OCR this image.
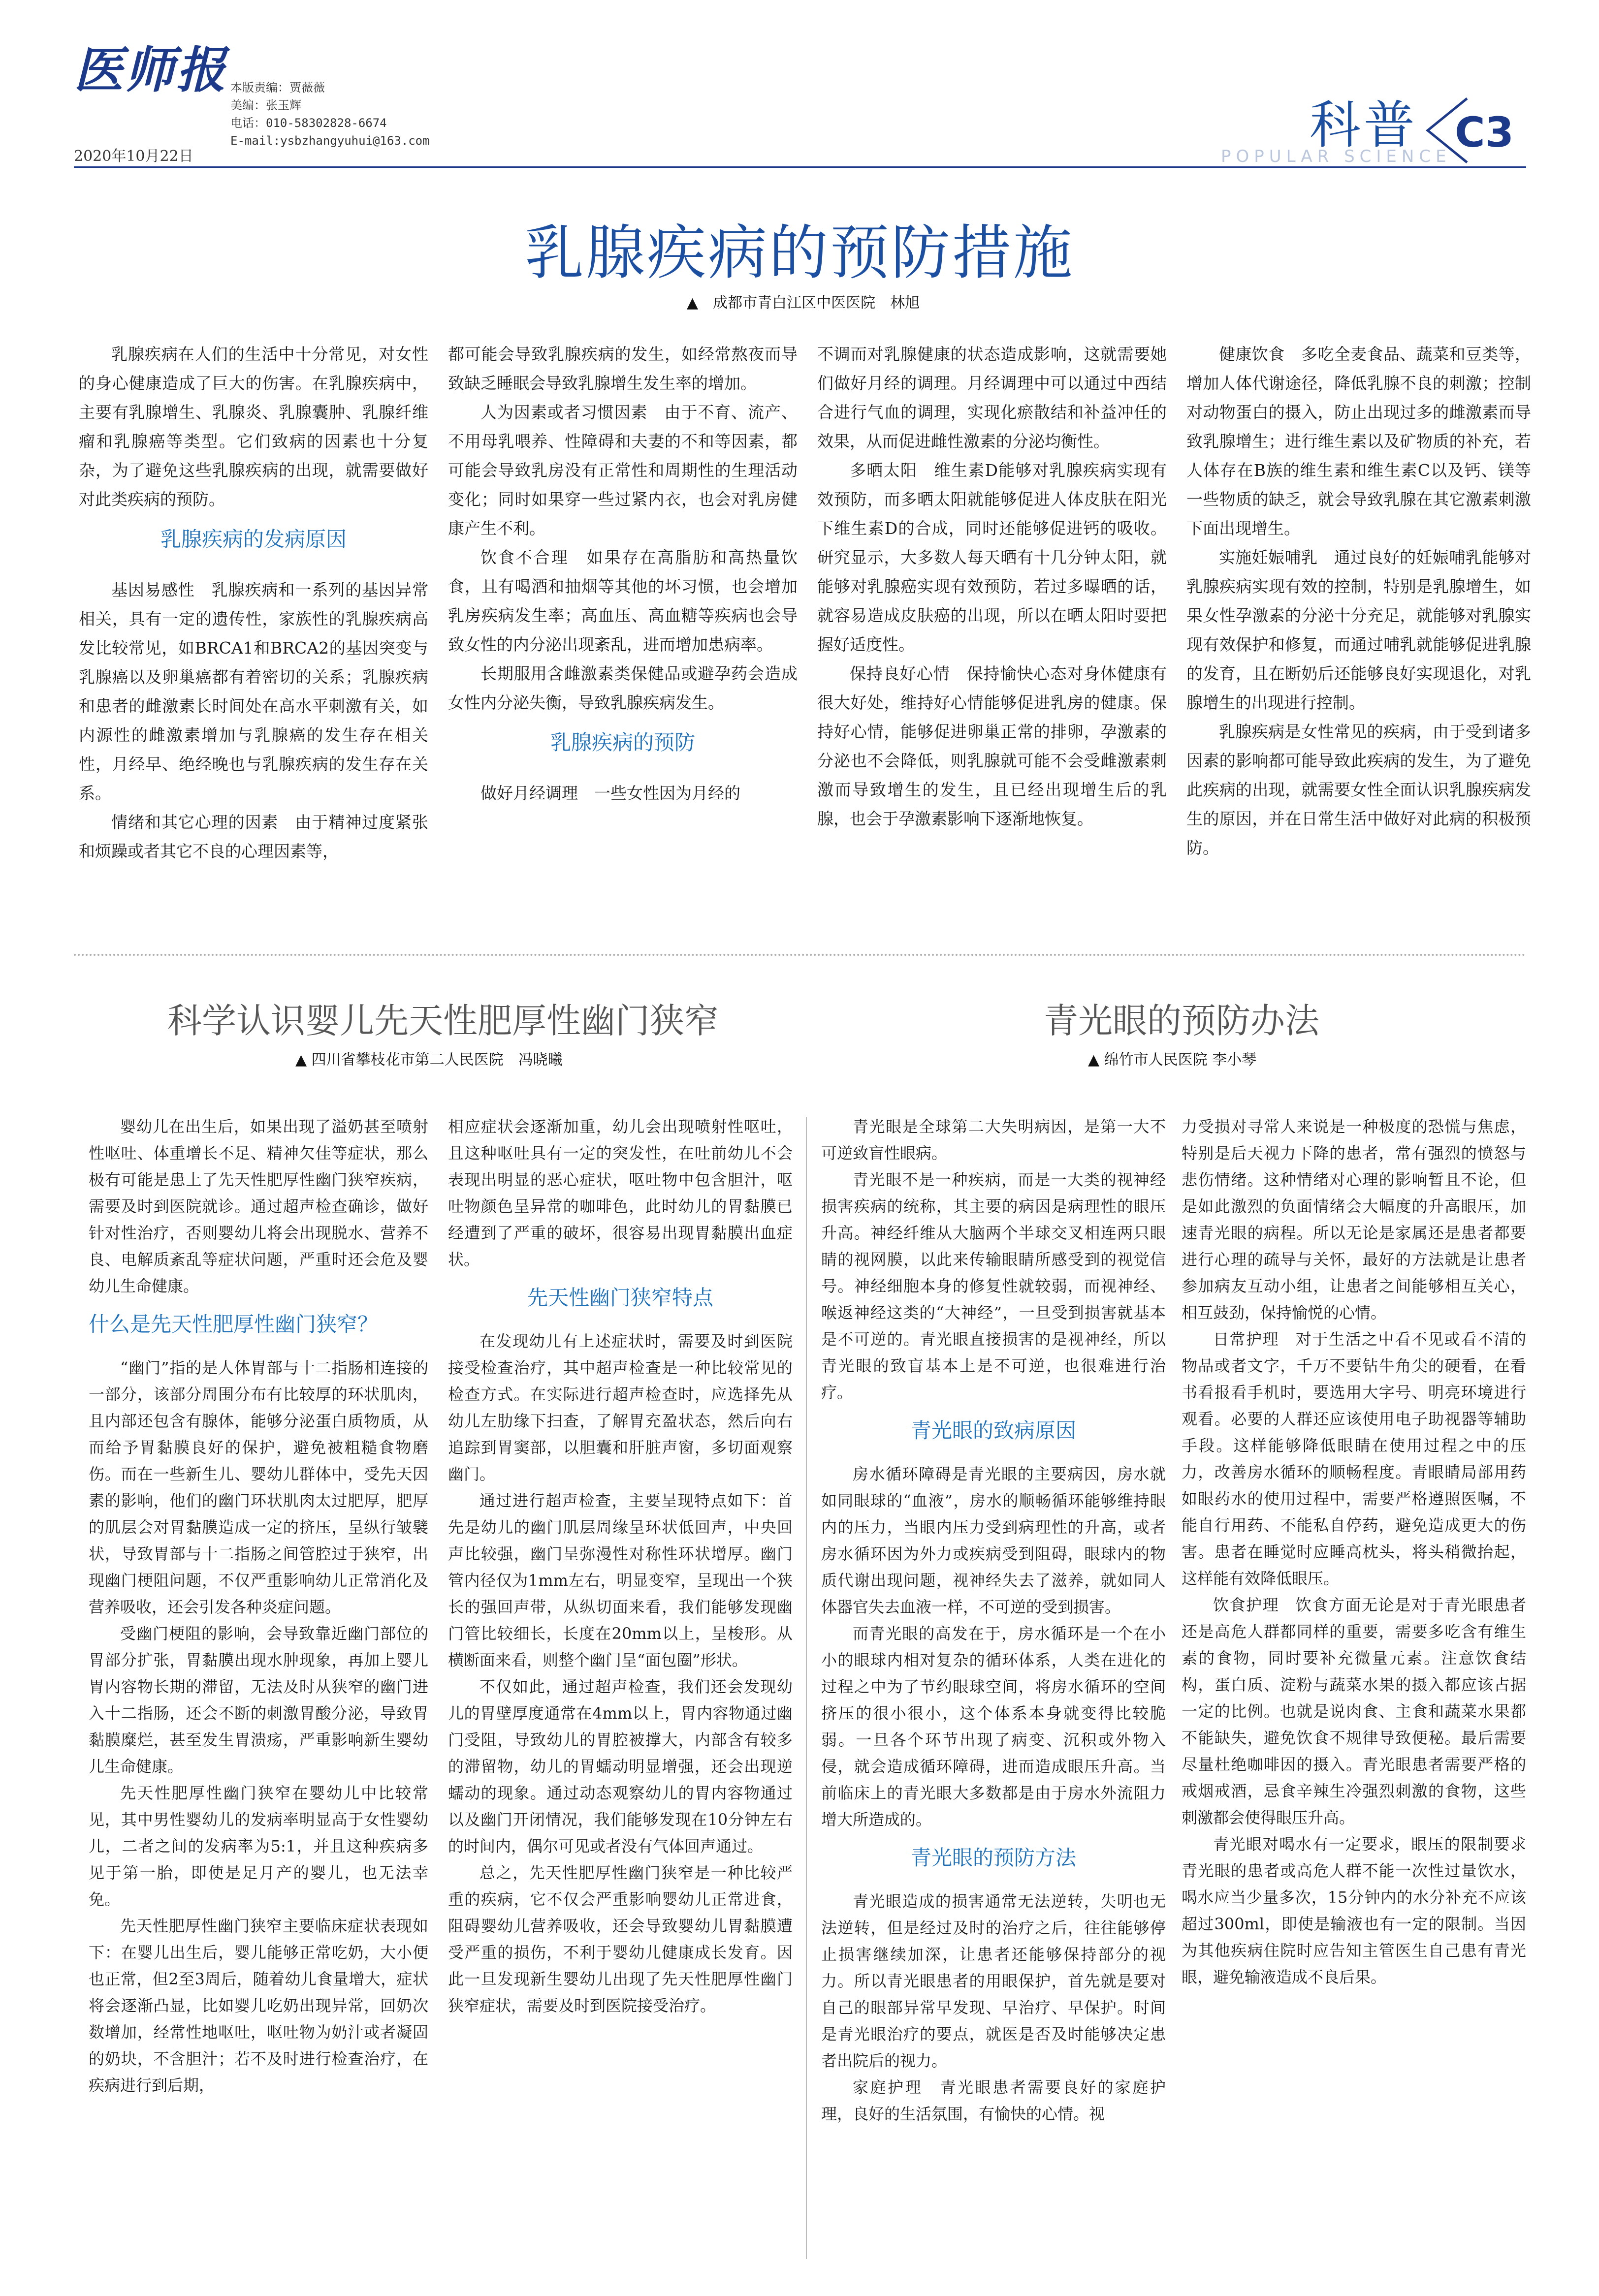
医师报
2020年10月22日
本版责编：贾薇薇
美编：张玉辉
电话：010-58302828-6674
E-mail:ysbzhangyuhui@163.com	科普
POPULAR SCIENCE C3
乳腺疾病的预防措施
▲　成都市青白江区中医医院　林旭

乳腺疾病在人们的生活中十分常见，对女性的身心健康造成了巨大的伤害。在乳腺疾病中，主要有乳腺增生、乳腺炎、乳腺囊肿、乳腺纤维瘤和乳腺癌等类型。它们致病的因素也十分复杂，为了避免这些乳腺疾病的出现，就需要做好对此类疾病的预防。

乳腺疾病的发病原因

基因易感性　乳腺疾病和一系列的基因异常相关，具有一定的遗传性，家族性的乳腺疾病高发比较常见，如BRCA1和BRCA2的基因突变与乳腺癌以及卵巢癌都有着密切的关系；乳腺疾病和患者的雌激素长时间处在高水平刺激有关，如内源性的雌激素增加与乳腺癌的发生存在相关性，月经早、绝经晚也与乳腺疾病的发生存在关系。

情绪和其它心理的因素　由于精神过度紧张和烦躁或者其它不良的心理因素等，

都可能会导致乳腺疾病的发生，如经常熬夜而导致缺乏睡眠会导致乳腺增生发生率的增加。

人为因素或者习惯因素　由于不育、流产、不用母乳喂养、性障碍和夫妻的不和等因素，都可能会导致乳房没有正常性和周期性的生理活动变化；同时如果穿一些过紧内衣，也会对乳房健康产生不利。

饮食不合理　如果存在高脂肪和高热量饮食，且有喝酒和抽烟等其他的坏习惯，也会增加乳房疾病发生率；高血压、高血糖等疾病也会导致女性的内分泌出现紊乱，进而增加患病率。

长期服用含雌激素类保健品或避孕药会造成女性内分泌失衡，导致乳腺疾病发生。

乳腺疾病的预防

做好月经调理　一些女性因为月经的

不调而对乳腺健康的状态造成影响，这就需要她们做好月经的调理。月经调理中可以通过中西结合进行气血的调理，实现化瘀散结和补益冲任的效果，从而促进雌性激素的分泌均衡性。

多晒太阳　维生素D能够对乳腺疾病实现有效预防，而多晒太阳就能够促进人体皮肤在阳光下维生素D的合成，同时还能够促进钙的吸收。研究显示，大多数人每天晒有十几分钟太阳，就能够对乳腺癌实现有效预防，若过多曝晒的话，就容易造成皮肤癌的出现，所以在晒太阳时要把握好适度性。

保持良好心情　保持愉快心态对身体健康有很大好处，维持好心情能够促进乳房的健康。保持好心情，能够促进卵巢正常的排卵，孕激素的分泌也不会降低，则乳腺就可能不会受雌激素刺激而导致增生的发生，且已经出现增生后的乳腺，也会于孕激素影响下逐渐地恢复。

健康饮食　多吃全麦食品、蔬菜和豆类等，增加人体代谢途径，降低乳腺不良的刺激；控制对动物蛋白的摄入，防止出现过多的雌激素而导致乳腺增生；进行维生素以及矿物质的补充，若人体存在B族的维生素和维生素C以及钙、镁等一些物质的缺乏，就会导致乳腺在其它激素刺激下面出现增生。

实施妊娠哺乳　通过良好的妊娠哺乳能够对乳腺疾病实现有效的控制，特别是乳腺增生，如果女性孕激素的分泌十分充足，就能够对乳腺实现有效保护和修复，而通过哺乳就能够促进乳腺的发育，且在断奶后还能够良好实现退化，对乳腺增生的出现进行控制。

乳腺疾病是女性常见的疾病，由于受到诸多因素的影响都可能导致此疾病的发生，为了避免此疾病的出现，就需要女性全面认识乳腺疾病发生的原因，并在日常生活中做好对此病的积极预防。

科学认识婴儿先天性肥厚性幽门狭窄
▲ 四川省攀枝花市第二人民医院　冯晓曦

婴幼儿在出生后，如果出现了溢奶甚至喷射性呕吐、体重增长不足、精神欠佳等症状，那么极有可能是患上了先天性肥厚性幽门狭窄疾病，需要及时到医院就诊。通过超声检查确诊，做好针对性治疗，否则婴幼儿将会出现脱水、营养不良、电解质紊乱等症状问题，严重时还会危及婴幼儿生命健康。

什么是先天性肥厚性幽门狭窄？

“幽门”指的是人体胃部与十二指肠相连接的一部分，该部分周围分布有比较厚的环状肌肉，且内部还包含有腺体，能够分泌蛋白质物质，从而给予胃黏膜良好的保护，避免被粗糙食物磨伤。而在一些新生儿、婴幼儿群体中，受先天因素的影响，他们的幽门环状肌肉太过肥厚，肥厚的肌层会对胃黏膜造成一定的挤压，呈纵行皱襞状，导致胃部与十二指肠之间管腔过于狭窄，出现幽门梗阻问题，不仅严重影响幼儿正常消化及营养吸收，还会引发各种炎症问题。

受幽门梗阻的影响，会导致靠近幽门部位的胃部分扩张，胃黏膜出现水肿现象，再加上婴儿胃内容物长期的滞留，无法及时从狭窄的幽门进入十二指肠，还会不断的刺激胃酸分泌，导致胃黏膜糜烂，甚至发生胃溃疡，严重影响新生婴幼儿生命健康。

先天性肥厚性幽门狭窄在婴幼儿中比较常见，其中男性婴幼儿的发病率明显高于女性婴幼儿，二者之间的发病率为5:1，并且这种疾病多见于第一胎，即使是足月产的婴儿，也无法幸免。

先天性肥厚性幽门狭窄主要临床症状表现如下：在婴儿出生后，婴儿能够正常吃奶，大小便也正常，但2至3周后，随着幼儿食量增大，症状将会逐渐凸显，比如婴儿吃奶出现异常，回奶次数增加，经常性地呕吐，呕吐物为奶汁或者凝固的奶块，不含胆汁；若不及时进行检查治疗，在疾病进行到后期，

相应症状会逐渐加重，幼儿会出现喷射性呕吐，且这种呕吐具有一定的突发性，在吐前幼儿不会表现出明显的恶心症状，呕吐物中包含胆汁，呕吐物颜色呈异常的咖啡色，此时幼儿的胃黏膜已经遭到了严重的破坏，很容易出现胃黏膜出血症状。

先天性幽门狭窄特点

在发现幼儿有上述症状时，需要及时到医院接受检查治疗，其中超声检查是一种比较常见的检查方式。在实际进行超声检查时，应选择先从幼儿左肋缘下扫查，了解胃充盈状态，然后向右追踪到胃窦部，以胆囊和肝脏声窗，多切面观察幽门。

通过进行超声检查，主要呈现特点如下：首先是幼儿的幽门肌层周缘呈环状低回声，中央回声比较强，幽门呈弥漫性对称性环状增厚。幽门管内径仅为1mm左右，明显变窄，呈现出一个狭长的强回声带，从纵切面来看，我们能够发现幽门管比较细长，长度在20mm以上，呈梭形。从横断面来看，则整个幽门呈“面包圈”形状。

不仅如此，通过超声检查，我们还会发现幼儿的胃壁厚度通常在4mm以上，胃内容物通过幽门受阻，导致幼儿的胃腔被撑大，内部含有较多的滞留物，幼儿的胃蠕动明显增强，还会出现逆蠕动的现象。通过动态观察幼儿的胃内容物通过以及幽门开闭情况，我们能够发现在10分钟左右的时间内，偶尔可见或者没有气体回声通过。

总之，先天性肥厚性幽门狭窄是一种比较严重的疾病，它不仅会严重影响婴幼儿正常进食，阻碍婴幼儿营养吸收，还会导致婴幼儿胃黏膜遭受严重的损伤，不利于婴幼儿健康成长发育。因此一旦发现新生婴幼儿出现了先天性肥厚性幽门狭窄症状，需要及时到医院接受治疗。

青光眼的预防办法
▲ 绵竹市人民医院 李小琴

青光眼是全球第二大失明病因，是第一大不可逆致盲性眼病。

青光眼不是一种疾病，而是一大类的视神经损害疾病的统称，其主要的病因是病理性的眼压升高。神经纤维从大脑两个半球交叉相连两只眼睛的视网膜，以此来传输眼睛所感受到的视觉信号。神经细胞本身的修复性就较弱，而视神经、喉返神经这类的“大神经”，一旦受到损害就基本是不可逆的。青光眼直接损害的是视神经，所以青光眼的致盲基本上是不可逆，也很难进行治疗。

青光眼的致病原因

房水循环障碍是青光眼的主要病因，房水就如同眼球的“血液”，房水的顺畅循环能够维持眼内的压力，当眼内压力受到病理性的升高，或者房水循环因为外力或疾病受到阻碍，眼球内的物质代谢出现问题，视神经失去了滋养，就如同人体器官失去血液一样，不可逆的受到损害。

而青光眼的高发在于，房水循环是一个在小小的眼球内相对复杂的循环体系，人类在进化的过程之中为了节约眼球空间，将房水循环的空间挤压的很小很小，这个体系本身就变得比较脆弱。一旦各个环节出现了病变、沉积或外物入侵，就会造成循环障碍，进而造成眼压升高。当前临床上的青光眼大多数都是由于房水外流阻力增大所造成的。

青光眼的预防方法

青光眼造成的损害通常无法逆转，失明也无法逆转，但是经过及时的治疗之后，往往能够停止损害继续加深，让患者还能够保持部分的视力。所以青光眼患者的用眼保护，首先就是要对自己的眼部异常早发现、早治疗、早保护。时间是青光眼治疗的要点，就医是否及时能够决定患者出院后的视力。

家庭护理　青光眼患者需要良好的家庭护理，良好的生活氛围，有愉快的心情。视

力受损对寻常人来说是一种极度的恐慌与焦虑，特别是后天视力下降的患者，常有强烈的愤怒与悲伤情绪。这种情绪对心理的影响暂且不论，但是如此激烈的负面情绪会大幅度的升高眼压，加速青光眼的病程。所以无论是家属还是患者都要进行心理的疏导与关怀，最好的方法就是让患者参加病友互动小组，让患者之间能够相互关心，相互鼓劲，保持愉悦的心情。

日常护理　对于生活之中看不见或看不清的物品或者文字，千万不要钻牛角尖的硬看，在看书看报看手机时，要选用大字号、明亮环境进行观看。必要的人群还应该使用电子助视器等辅助手段。这样能够降低眼睛在使用过程之中的压力，改善房水循环的顺畅程度。青眼睛局部用药如眼药水的使用过程中，需要严格遵照医嘱，不能自行用药、不能私自停药，避免造成更大的伤害。患者在睡觉时应睡高枕头，将头稍微抬起，这样能有效降低眼压。

饮食护理　饮食方面无论是对于青光眼患者还是高危人群都同样的重要，需要多吃含有维生素的食物，同时要补充微量元素。注意饮食结构，蛋白质、淀粉与蔬菜水果的摄入都应该占据一定的比例。也就是说肉食、主食和蔬菜水果都不能缺失，避免饮食不规律导致便秘。最后需要尽量杜绝咖啡因的摄入。青光眼患者需要严格的戒烟戒酒，忌食辛辣生冷强烈刺激的食物，这些刺激都会使得眼压升高。

青光眼对喝水有一定要求，眼压的限制要求青光眼的患者或高危人群不能一次性过量饮水，喝水应当少量多次，15分钟内的水分补充不应该超过300ml，即使是输液也有一定的限制。当因为其他疾病住院时应告知主管医生自己患有青光眼，避免输液造成不良后果。
